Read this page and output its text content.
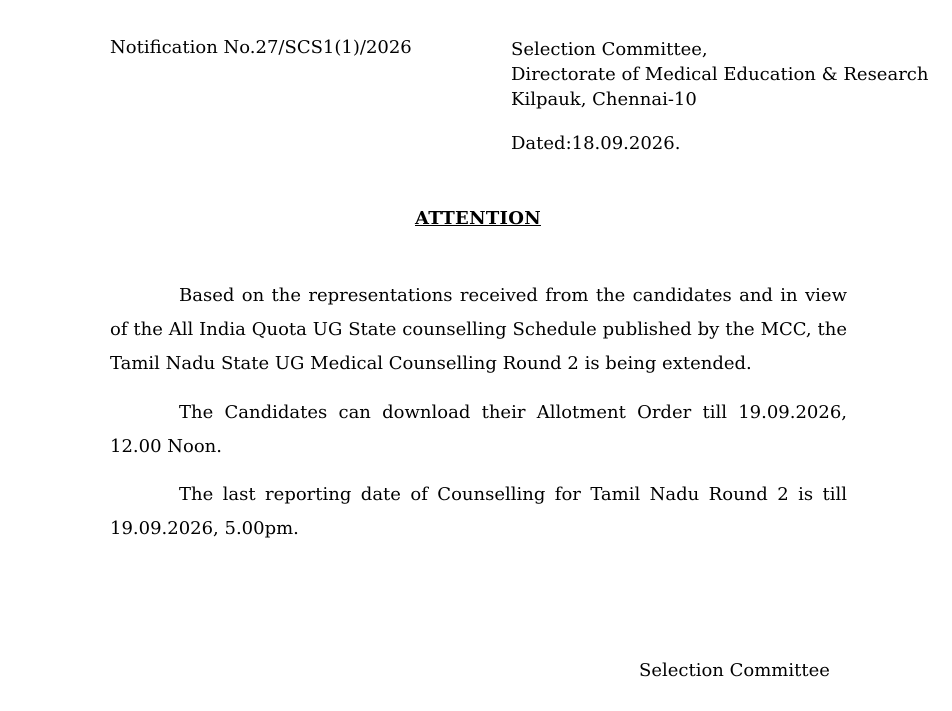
Notification No.27/SCS1(1)/2026	Selection Committee,
Directorate of Medical Education & Research
Kilpauk, Chennai-10
Dated:18.09.2026.
ATTENTION

Based on the representations received from the candidates and in view of the All India Quota UG State counselling Schedule published by the MCC, the Tamil Nadu State UG Medical Counselling Round 2 is being extended.

The Candidates can download their Allotment Order till 19.09.2026, 12.00 Noon.

The last reporting date of Counselling for Tamil Nadu Round 2 is till 19.09.2026, 5.00pm.

Selection Committee
